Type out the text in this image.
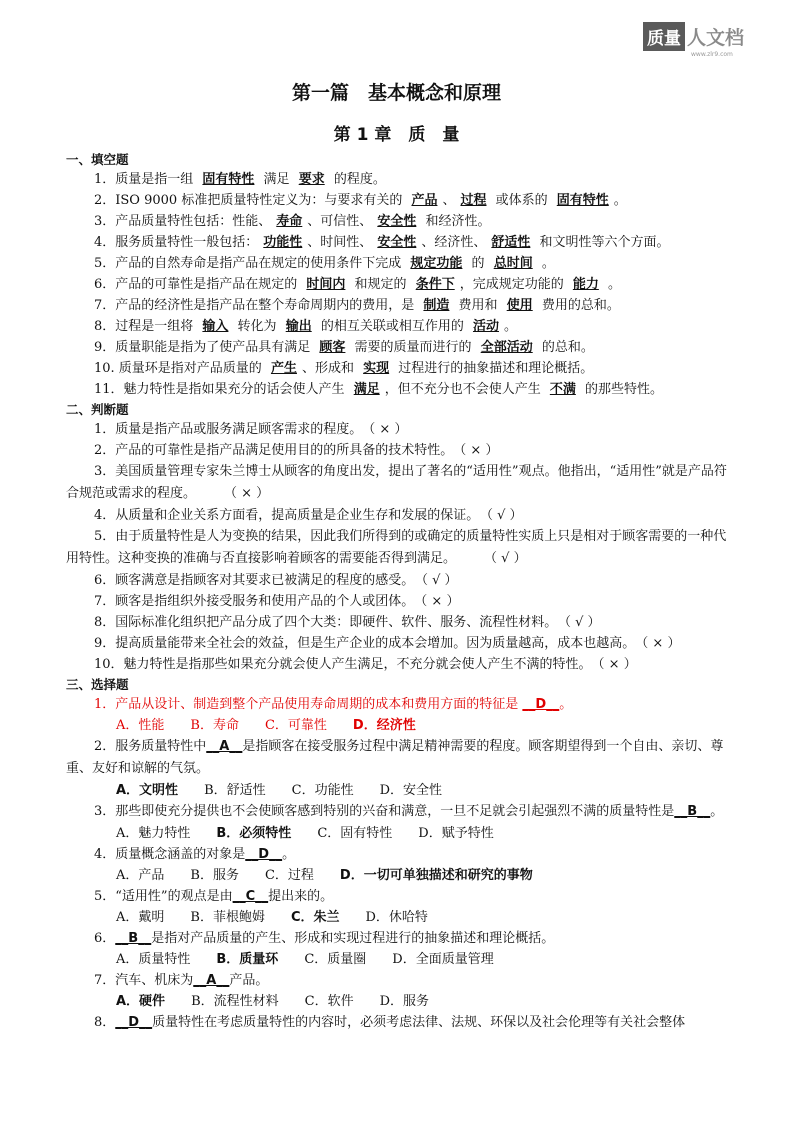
质量 人文档
www.zlr9.com
第一篇　基本概念和原理
第 1 章　质　量
一、填空题
1．质量是指一组 固有特性 满足 要求 的程度。
2．ISO 9000 标准把质量特性定义为：与要求有关的 产品 、 过程 或体系的 固有特性 。
3．产品质量特性包括：性能、 寿命 、可信性、 安全性 和经济性。
4．服务质量特性一般包括： 功能性 、时间性、 安全性 、经济性、 舒适性 和文明性等六个方面。
5．产品的自然寿命是指产品在规定的使用条件下完成 规定功能 的 总时间 。
6．产品的可靠性是指产品在规定的 时间内 和规定的 条件下 ，完成规定功能的 能力 。
7．产品的经济性是指产品在整个寿命周期内的费用，是 制造 费用和 使用 费用的总和。
8．过程是一组将 输入 转化为 输出 的相互关联或相互作用的 活动 。
9．质量职能是指为了使产品具有满足 顾客 需要的质量而进行的 全部活动 的总和。
10. 质量环是指对产品质量的 产生 、形成和 实现 过程进行的抽象描述和理论概括。
11．魅力特性是指如果充分的话会使人产生 满足 ，但不充分也不会使人产生 不满 的那些特性。
二、判断题
1．质量是指产品或服务满足顾客需求的程度。（ × ）
2．产品的可靠性是指产品满足使用目的的所具备的技术特性。（ × ）
3．美国质量管理专家朱兰博士从顾客的角度出发，提出了著名的“适用性”观点。他指出，“适用性”就是产品符合规范或需求的程度。 （ × ）
4．从质量和企业关系方面看，提高质量是企业生存和发展的保证。（ √ ）
5．由于质量特性是人为变换的结果，因此我们所得到的或确定的质量特性实质上只是相对于顾客需要的一种代用特性。这种变换的准确与否直接影响着顾客的需要能否得到满足。 （ √ ）
6．顾客满意是指顾客对其要求已被满足的程度的感受。（ √ ）
7．顾客是指组织外接受服务和使用产品的个人或团体。（ × ）
8．国际标准化组织把产品分成了四个大类：即硬件、软件、服务、流程性材料。（ √ ）
9．提高质量能带来全社会的效益，但是生产企业的成本会增加。因为质量越高，成本也越高。（ × ）
10．魅力特性是指那些如果充分就会使人产生满足，不充分就会使人产生不满的特性。（ × ）
三、选择题
1．产品从设计、制造到整个产品使用寿命周期的成本和费用方面的特征是 __D__。
A．性能 B．寿命 C．可靠性 D．经济性
2．服务质量特性中__A__是指顾客在接受服务过程中满足精神需要的程度。顾客期望得到一个自由、亲切、尊重、友好和谅解的气氛。
A．文明性 B．舒适性 C．功能性 D．安全性
3．那些即使充分提供也不会使顾客感到特别的兴奋和满意，一旦不足就会引起强烈不满的质量特性是__B__。
A．魅力特性 B．必须特性 C．固有特性 D．赋予特性
4．质量概念涵盖的对象是__D__。
A．产品 B．服务 C．过程 D．一切可单独描述和研究的事物
5．“适用性”的观点是由__C__提出来的。
A．戴明 B．菲根鲍姆 C．朱兰 D．休哈特
6．__B__是指对产品质量的产生、形成和实现过程进行的抽象描述和理论概括。
A．质量特性 B．质量环 C．质量圈 D．全面质量管理
7．汽车、机床为__A__产品。
A．硬件 B．流程性材料 C．软件 D．服务
8．__D__质量特性在考虑质量特性的内容时，必须考虑法律、法规、环保以及社会伦理等有关社会整体
